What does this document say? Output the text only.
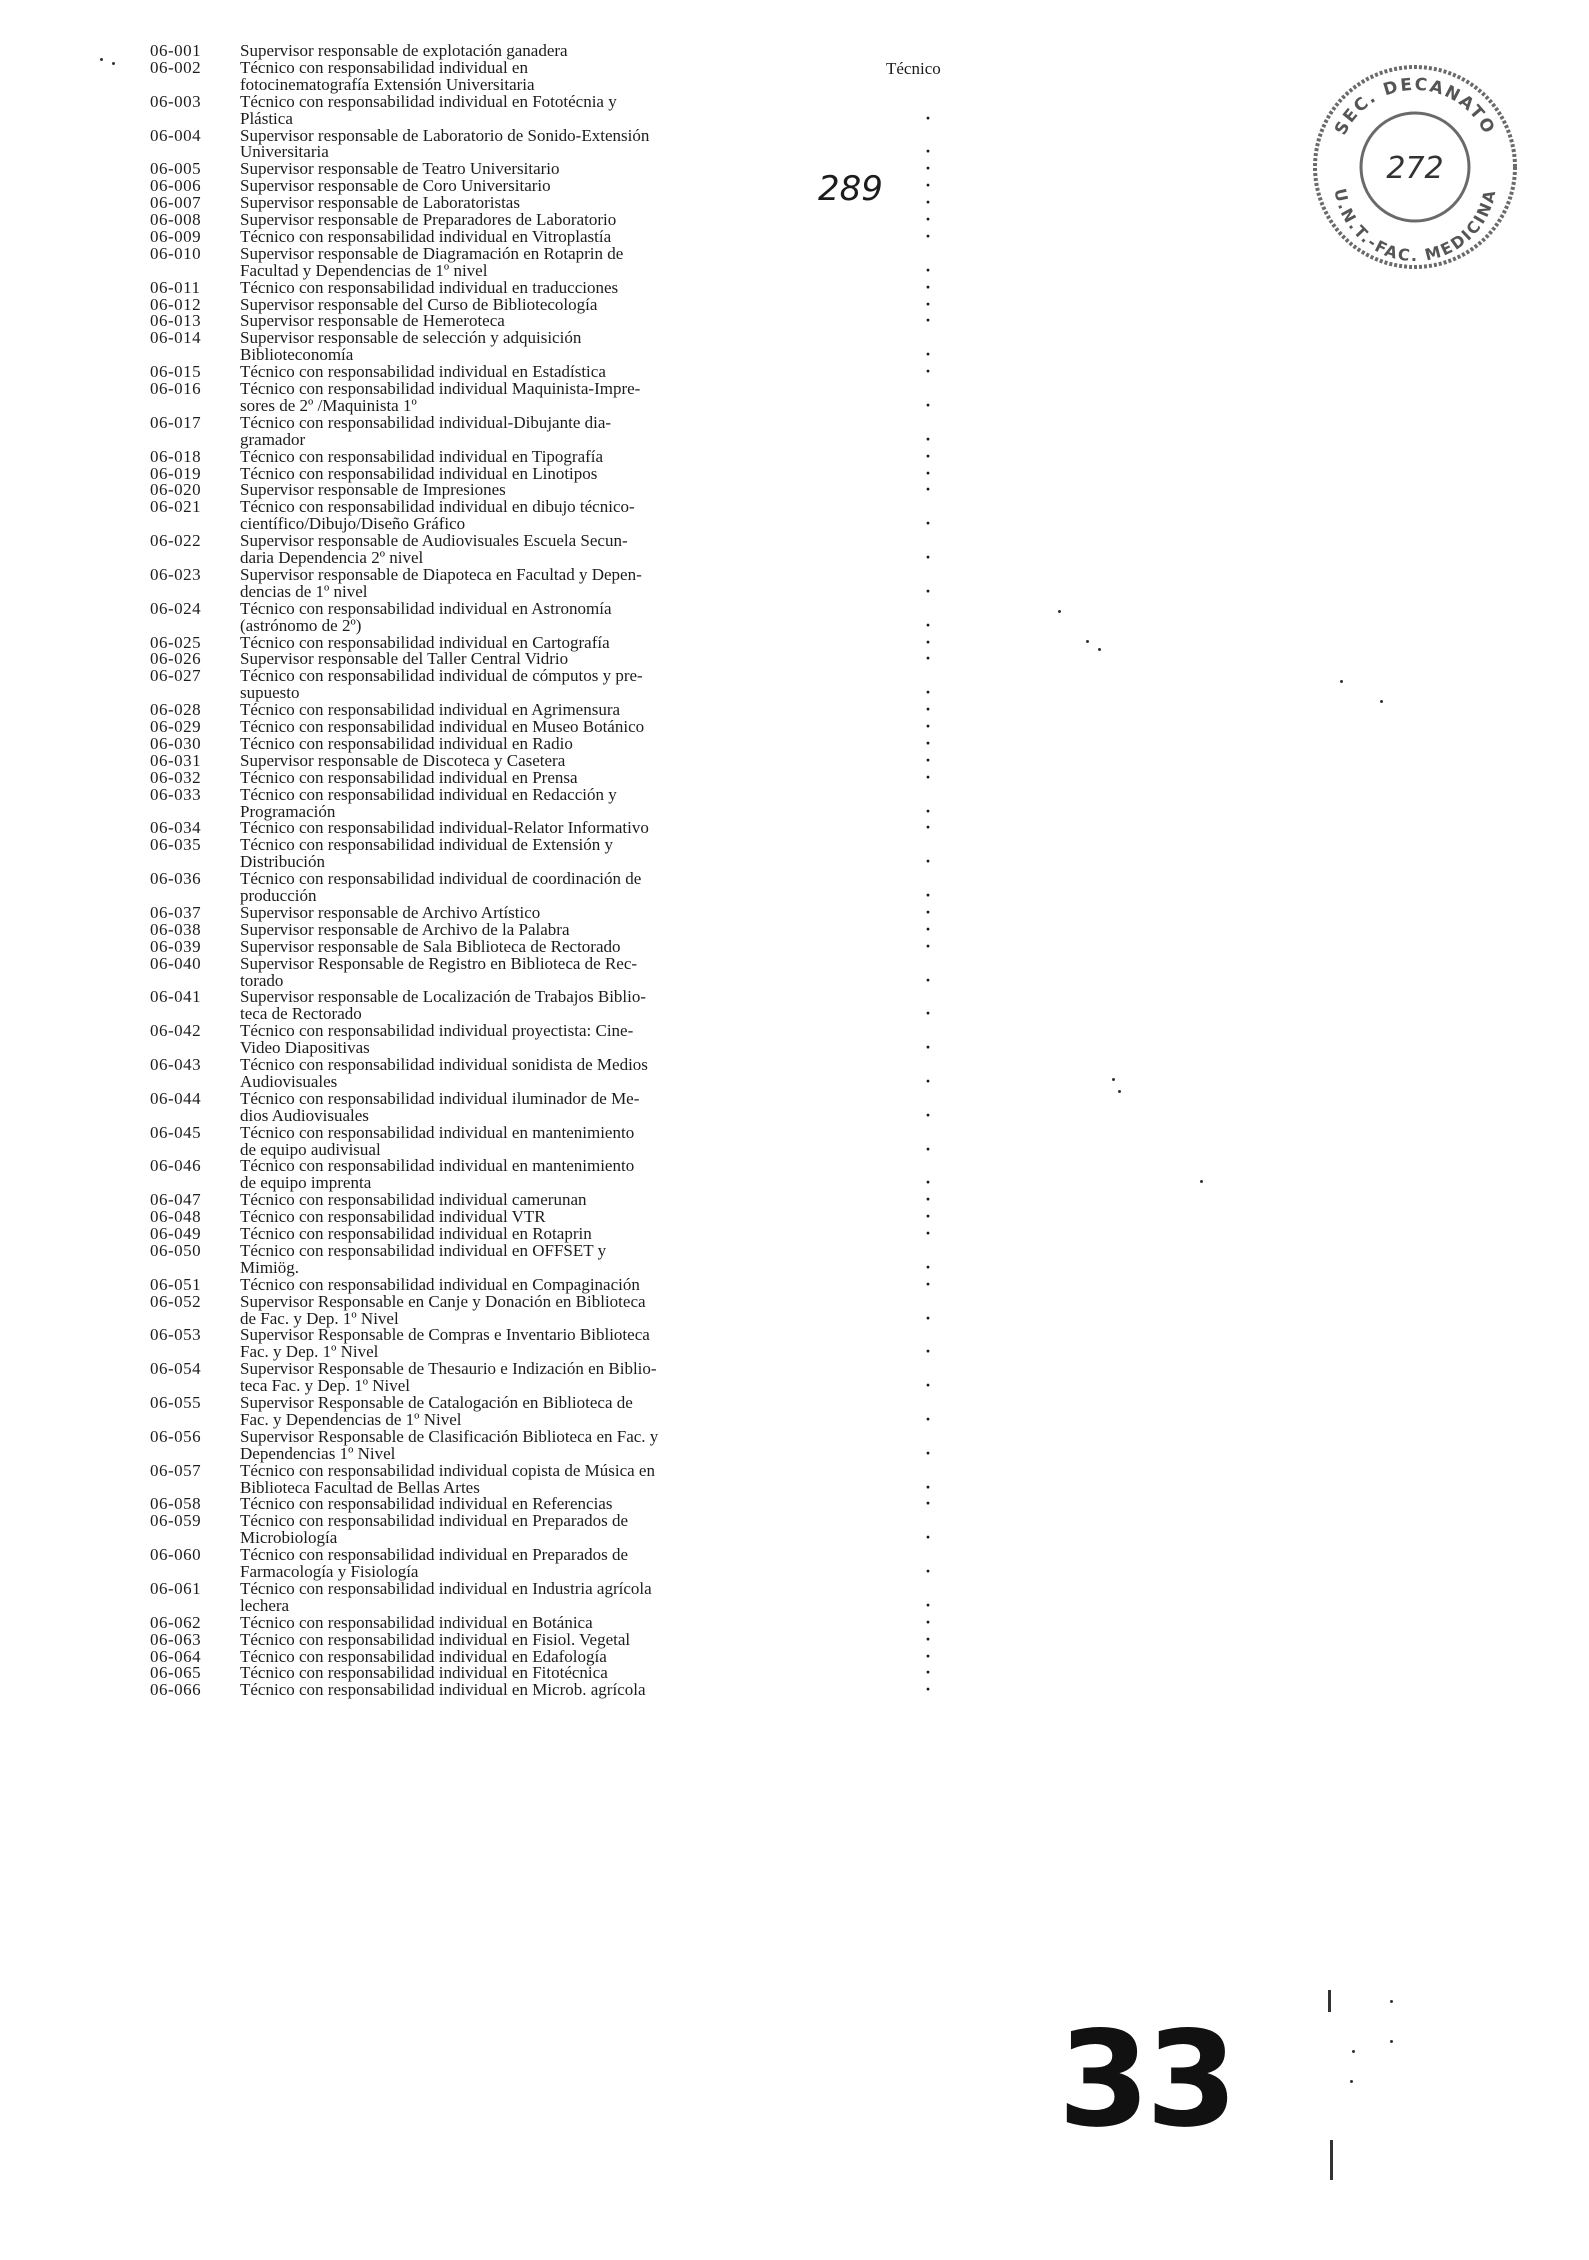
Técnico
06-001 Supervisor responsable de explotación ganadera
06-002 Técnico con responsabilidad individual en
fotocinematografía Extensión Universitaria
06-003 Técnico con responsabilidad individual en Fototécnia y
Plástica	·
06-004 Supervisor responsable de Laboratorio de Sonido-Extensión
Universitaria	·
06-005 Supervisor responsable de Teatro Universitario	·
06-006 Supervisor responsable de Coro Universitario	·
06-007 Supervisor responsable de Laboratoristas	·
06-008 Supervisor responsable de Preparadores de Laboratorio	·
06-009 Técnico con responsabilidad individual en Vitroplastía	·
06-010 Supervisor responsable de Diagramación en Rotaprin de
Facultad y Dependencias de 1º nivel	·
06-011 Técnico con responsabilidad individual en traducciones	·
06-012 Supervisor responsable del Curso de Bibliotecología	·
06-013 Supervisor responsable de Hemeroteca	·
06-014 Supervisor responsable de selección y adquisición
Biblioteconomía	·
06-015 Técnico con responsabilidad individual en Estadística	·
06-016 Técnico con responsabilidad individual Maquinista-Impre-
sores de 2º /Maquinista 1º	·
06-017 Técnico con responsabilidad individual-Dibujante dia-
gramador	·
06-018 Técnico con responsabilidad individual en Tipografía	·
06-019 Técnico con responsabilidad individual en Linotipos	·
06-020 Supervisor responsable de Impresiones	·
06-021 Técnico con responsabilidad individual en dibujo técnico-
científico/Dibujo/Diseño Gráfico	·
06-022 Supervisor responsable de Audiovisuales Escuela Secun-
daria Dependencia 2º nivel	·
06-023 Supervisor responsable de Diapoteca en Facultad y Depen-
dencias de 1º nivel	·
06-024 Técnico con responsabilidad individual en Astronomía
(astrónomo de 2º)	·
06-025 Técnico con responsabilidad individual en Cartografía	·
06-026 Supervisor responsable del Taller Central Vidrio	·
06-027 Técnico con responsabilidad individual de cómputos y pre-
supuesto	·
06-028 Técnico con responsabilidad individual en Agrimensura	·
06-029 Técnico con responsabilidad individual en Museo Botánico	·
06-030 Técnico con responsabilidad individual en Radio	·
06-031 Supervisor responsable de Discoteca y Casetera	·
06-032 Técnico con responsabilidad individual en Prensa	·
06-033 Técnico con responsabilidad individual en Redacción y
Programación	·
06-034 Técnico con responsabilidad individual-Relator Informativo	·
06-035 Técnico con responsabilidad individual de Extensión y
Distribución	·
06-036 Técnico con responsabilidad individual de coordinación de
producción	·
06-037 Supervisor responsable de Archivo Artístico	·
06-038 Supervisor responsable de Archivo de la Palabra	·
06-039 Supervisor responsable de Sala Biblioteca de Rectorado	·
06-040 Supervisor Responsable de Registro en Biblioteca de Rec-
torado	·
06-041 Supervisor responsable de Localización de Trabajos Biblio-
teca de Rectorado	·
06-042 Técnico con responsabilidad individual proyectista: Cine-
Video Diapositivas	·
06-043 Técnico con responsabilidad individual sonidista de Medios
Audiovisuales	·
06-044 Técnico con responsabilidad individual iluminador de Me-
dios Audiovisuales	·
06-045 Técnico con responsabilidad individual en mantenimiento
de equipo audivisual	·
06-046 Técnico con responsabilidad individual en mantenimiento
de equipo imprenta	·
06-047 Técnico con responsabilidad individual camerunan	·
06-048 Técnico con responsabilidad individual VTR	·
06-049 Técnico con responsabilidad individual en Rotaprin	·
06-050 Técnico con responsabilidad individual en OFFSET y
Mimiög.	·
06-051 Técnico con responsabilidad individual en Compaginación	·
06-052 Supervisor Responsable en Canje y Donación en Biblioteca
de Fac. y Dep. 1º Nivel	·
06-053 Supervisor Responsable de Compras e Inventario Biblioteca
Fac. y Dep. 1º Nivel	·
06-054 Supervisor Responsable de Thesaurio e Indización en Biblio-
teca Fac. y Dep. 1º Nivel	·
06-055 Supervisor Responsable de Catalogación en Biblioteca de
Fac. y Dependencias de 1º Nivel	·
06-056 Supervisor Responsable de Clasificación Biblioteca en Fac. y
Dependencias 1º Nivel	·
06-057 Técnico con responsabilidad individual copista de Música en
Biblioteca Facultad de Bellas Artes	·
06-058 Técnico con responsabilidad individual en Referencias	·
06-059 Técnico con responsabilidad individual en Preparados de
Microbiología	·
06-060 Técnico con responsabilidad individual en Preparados de
Farmacología y Fisiología	·
06-061 Técnico con responsabilidad individual en Industria agrícola
lechera	·
06-062 Técnico con responsabilidad individual en Botánica	·
06-063 Técnico con responsabilidad individual en Fisiol. Vegetal	·
06-064 Técnico con responsabilidad individual en Edafología	·
06-065 Técnico con responsabilidad individual en Fitotécnica	·
06-066 Técnico con responsabilidad individual en Microb. agrícola	·
289
SEC. DECANATO
U.N.T.-FAC. MEDICINA
272
33
